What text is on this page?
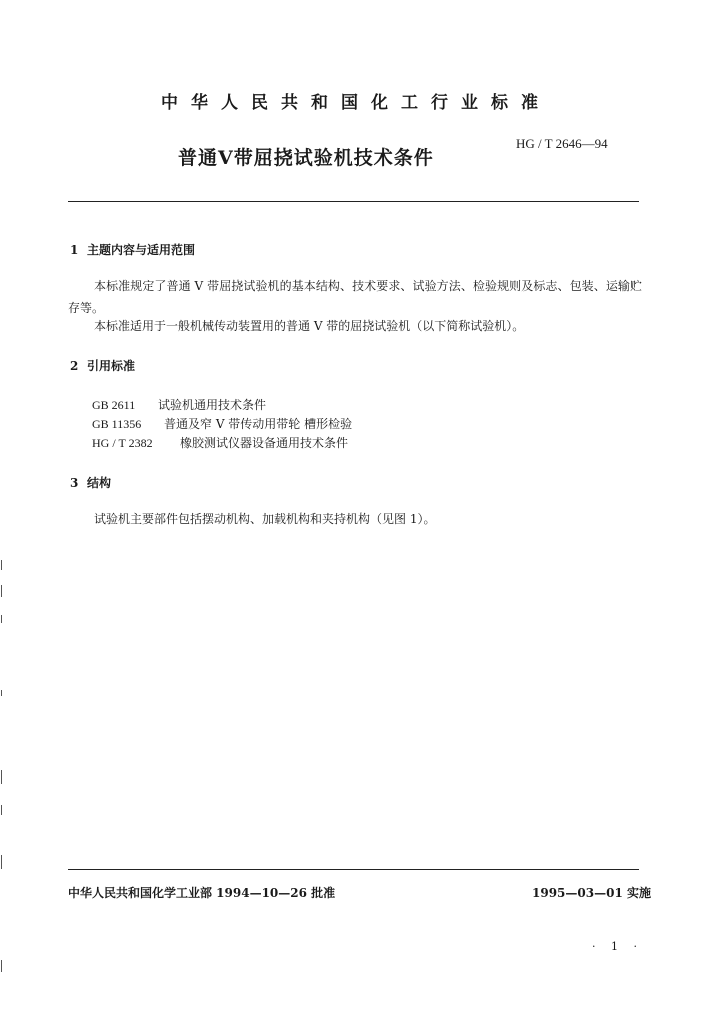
中华人民共和国化工行业标准
普通V带屈挠试验机技术条件
HG / T 2646—94
1 主题内容与适用范围
本标准规定了普通 V 带屈挠试验机的基本结构、技术要求、试验方法、检验规则及标志、包装、运输贮存等。
本标准适用于一般机械传动装置用的普通 V 带的屈挠试验机（以下简称试验机）。
2 引用标准
GB 2611 试验机通用技术条件
GB 11356 普通及窄 V 带传动用带轮 槽形检验
HG / T 2382 橡胶测试仪器设备通用技术条件
3 结构
试验机主要部件包括摆动机构、加载机构和夹持机构（见图 1）。
中华人民共和国化学工业部 1994—10—26 批准	1995—03—01 实施
· 1 ·
